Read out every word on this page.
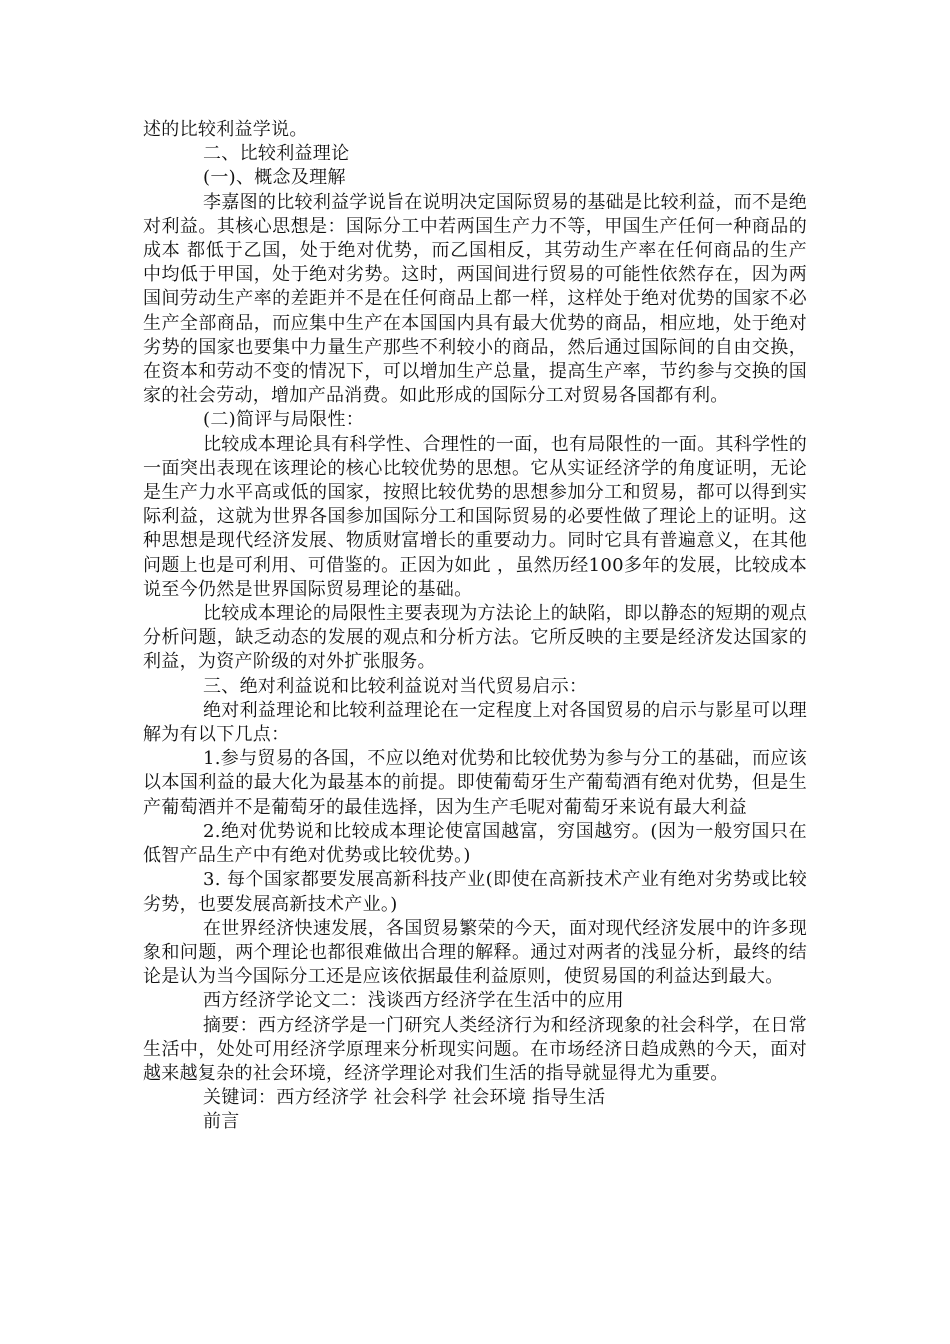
述的比较利益学说。

二、比较利益理论

(一)、概念及理解

李嘉图的比较利益学说旨在说明决定国际贸易的基础是比较利益，而不是绝对利益。其核心思想是：国际分工中若两国生产力不等，甲国生产任何一种商品的成本 都低于乙国，处于绝对优势，而乙国相反，其劳动生产率在任何商品的生产中均低于甲国，处于绝对劣势。这时，两国间进行贸易的可能性依然存在，因为两国间劳动生产率的差距并不是在任何商品上都一样，这样处于绝对优势的国家不必生产全部商品，而应集中生产在本国国内具有最大优势的商品，相应地，处于绝对劣势的国家也要集中力量生产那些不利较小的商品，然后通过国际间的自由交换，在资本和劳动不变的情况下，可以增加生产总量，提高生产率，节约参与交换的国家的社会劳动，增加产品消费。如此形成的国际分工对贸易各国都有利。

(二)简评与局限性：

比较成本理论具有科学性、合理性的一面，也有局限性的一面。其科学性的一面突出表现在该理论的核心比较优势的思想。它从实证经济学的角度证明，无论是生产力水平高或低的国家，按照比较优势的思想参加分工和贸易，都可以得到实际利益，这就为世界各国参加国际分工和国际贸易的必要性做了理论上的证明。这种思想是现代经济发展、物质财富增长的重要动力。同时它具有普遍意义，在其他问题上也是可利用、可借鉴的。正因为如此 ，虽然历经100多年的发展，比较成本说至今仍然是世界国际贸易理论的基础。

比较成本理论的局限性主要表现为方法论上的缺陷，即以静态的短期的观点分析问题，缺乏动态的发展的观点和分析方法。它所反映的主要是经济发达国家的利益，为资产阶级的对外扩张服务。

三、绝对利益说和比较利益说对当代贸易启示：

绝对利益理论和比较利益理论在一定程度上对各国贸易的启示与影星可以理解为有以下几点：

1.参与贸易的各国，不应以绝对优势和比较优势为参与分工的基础，而应该以本国利益的最大化为最基本的前提。即使葡萄牙生产葡萄酒有绝对优势，但是生产葡萄酒并不是葡萄牙的最佳选择，因为生产毛呢对葡萄牙来说有最大利益

2.绝对优势说和比较成本理论使富国越富，穷国越穷。(因为一般穷国只在低智产品生产中有绝对优势或比较优势。)

3. 每个国家都要发展高新科技产业(即使在高新技术产业有绝对劣势或比较劣势，也要发展高新技术产业。)

在世界经济快速发展，各国贸易繁荣的今天，面对现代经济发展中的许多现象和问题，两个理论也都很难做出合理的解释。通过对两者的浅显分析，最终的结论是认为当今国际分工还是应该依据最佳利益原则，使贸易国的利益达到最大。

西方经济学论文二：浅谈西方经济学在生活中的应用

摘要：西方经济学是一门研究人类经济行为和经济现象的社会科学，在日常生活中，处处可用经济学原理来分析现实问题。在市场经济日趋成熟的今天，面对越来越复杂的社会环境，经济学理论对我们生活的指导就显得尤为重要。

关键词：西方经济学 社会科学 社会环境 指导生活

前言
